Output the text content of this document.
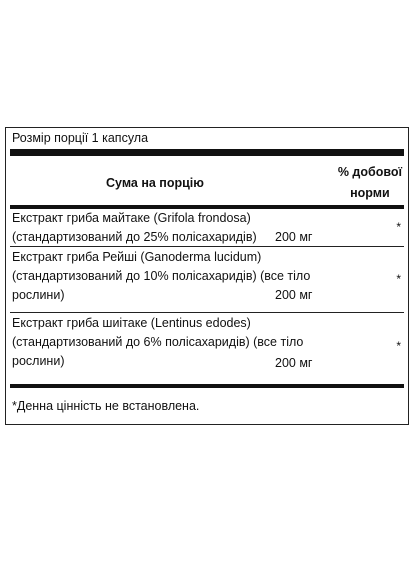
Розмір порції 1 капсула
Сума на порцію
% добової
норми
Екстракт гриба майтаке (Grifola frondosa)
(стандартизований до 25% полісахаридів) 200 мг
*
Екстракт гриба Рейші (Ganoderma lucidum)
(стандартизований до 10% полісахаридів) (все тіло
рослини)	200 мг
*
Екстракт гриба шиітаке (Lentinus edodes)
(стандартизований до 6% полісахаридів) (все тіло
рослини)	200 мг
*
*Денна цінність не встановлена.
